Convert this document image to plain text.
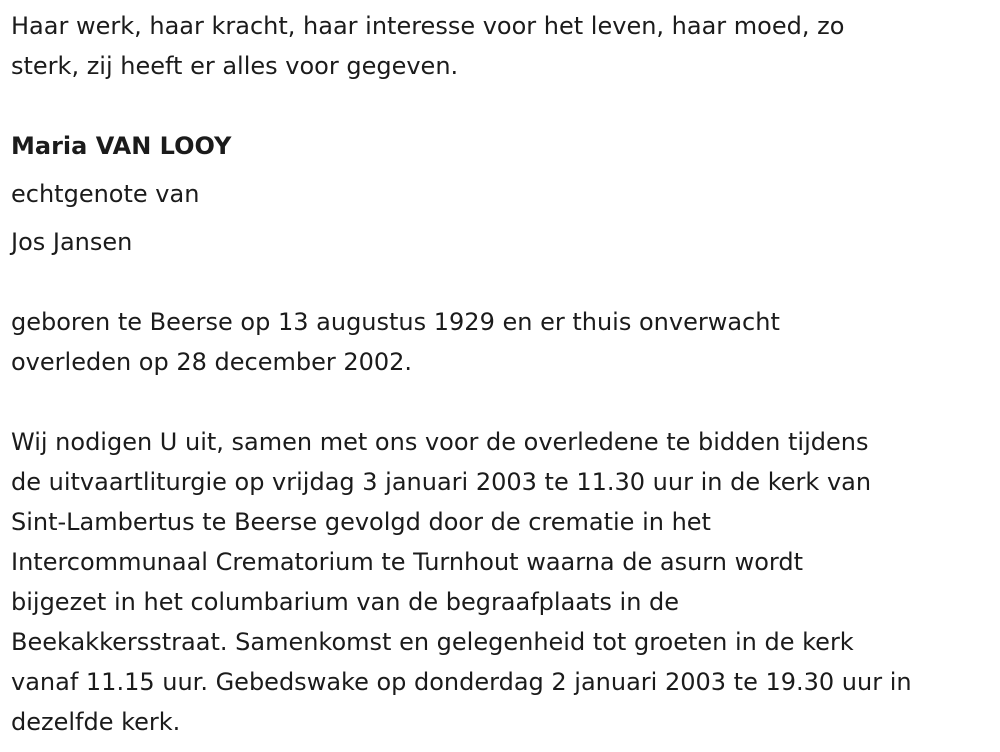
Haar werk, haar kracht, haar interesse voor het leven, haar moed, zo
sterk, zij heeft er alles voor gegeven.

Maria VAN LOOY

echtgenote van

Jos Jansen

geboren te Beerse op 13 augustus 1929 en er thuis onverwacht
overleden op 28 december 2002.

Wij nodigen U uit, samen met ons voor de overledene te bidden tijdens
de uitvaartliturgie op vrijdag 3 januari 2003 te 11.30 uur in de kerk van
Sint-Lambertus te Beerse gevolgd door de crematie in het
Intercommunaal Crematorium te Turnhout waarna de asurn wordt
bijgezet in het columbarium van de begraafplaats in de
Beekakkersstraat. Samenkomst en gelegenheid tot groeten in de kerk
vanaf 11.15 uur. Gebedswake op donderdag 2 januari 2003 te 19.30 uur in
dezelfde kerk.
